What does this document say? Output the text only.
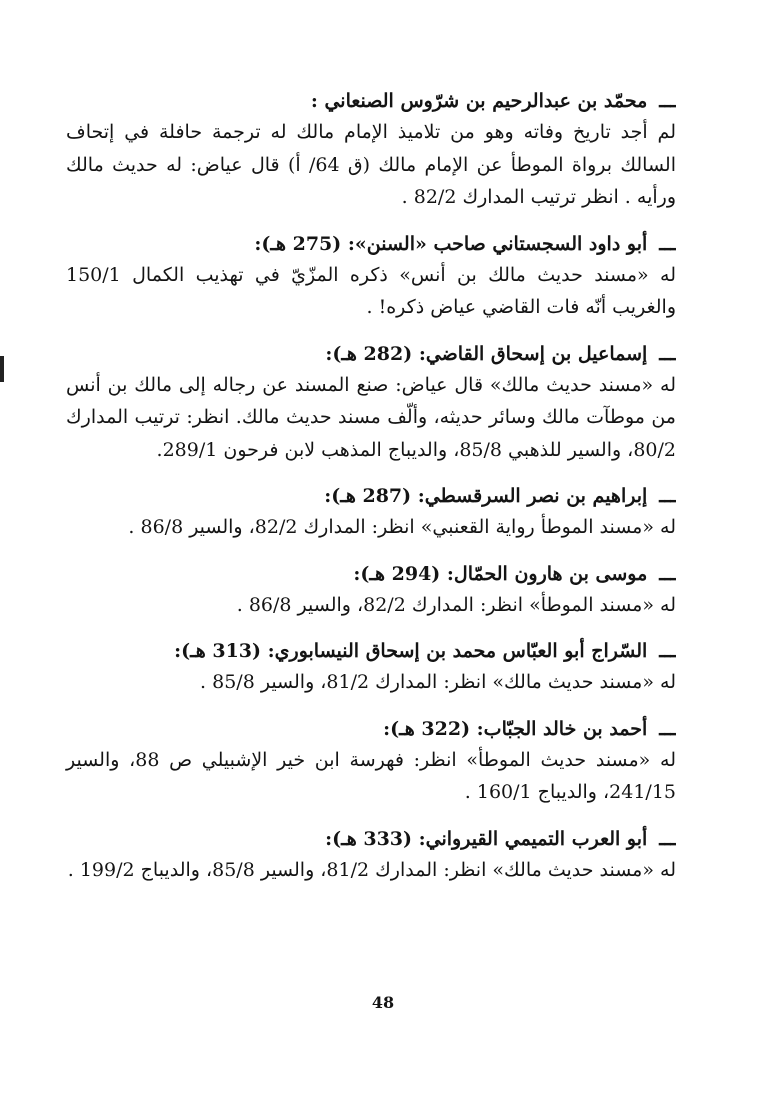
ـــمحمّد بن عبدالرحيم بن شرّوس الصنعاني :

لم أجد تاريخ وفاته وهو من تلاميذ الإمام مالك له ترجمة حافلة في إتحاف السالك برواة الموطأ عن الإمام مالك (ق 64/ أ) قال عياض: له حديث مالك ورأيه . انظر ترتيب المدارك 82/2 .

ـــأبو داود السجستاني صاحب «السنن»: (275 هـ):

له «مسند حديث مالك بن أنس» ذكره المزّيّ في تهذيب الكمال 150/1 والغريب أنّه فات القاضي عياض ذكره! .

ـــإسماعيل بن إسحاق القاضي: (282 هـ):

له «مسند حديث مالك» قال عياض: صنع المسند عن رجاله إلى مالك بن أنس من موطآت مالك وسائر حديثه، وألّف مسند حديث مالك. انظر: ترتيب المدارك 80/2، والسير للذهبي 85/8، والديباج المذهب لابن فرحون 289/1.

ـــإبراهيم بن نصر السرقسطي: (287 هـ):

له «مسند الموطأ رواية القعنبي» انظر: المدارك 82/2، والسير 86/8 .

ـــموسى بن هارون الحمّال: (294 هـ):

له «مسند الموطأ» انظر: المدارك 82/2، والسير 86/8 .

ـــالسّراج أبو العبّاس محمد بن إسحاق النيسابوري: (313 هـ):

له «مسند حديث مالك» انظر: المدارك 81/2، والسير 85/8 .

ـــأحمد بن خالد الجبّاب: (322 هـ):

له «مسند حديث الموطأ» انظر: فهرسة ابن خير الإشبيلي ص 88، والسير 241/15، والديباج 160/1 .

ـــأبو العرب التميمي القيرواني: (333 هـ):

له «مسند حديث مالك» انظر: المدارك 81/2، والسير 85/8، والديباج 199/2 .

48
